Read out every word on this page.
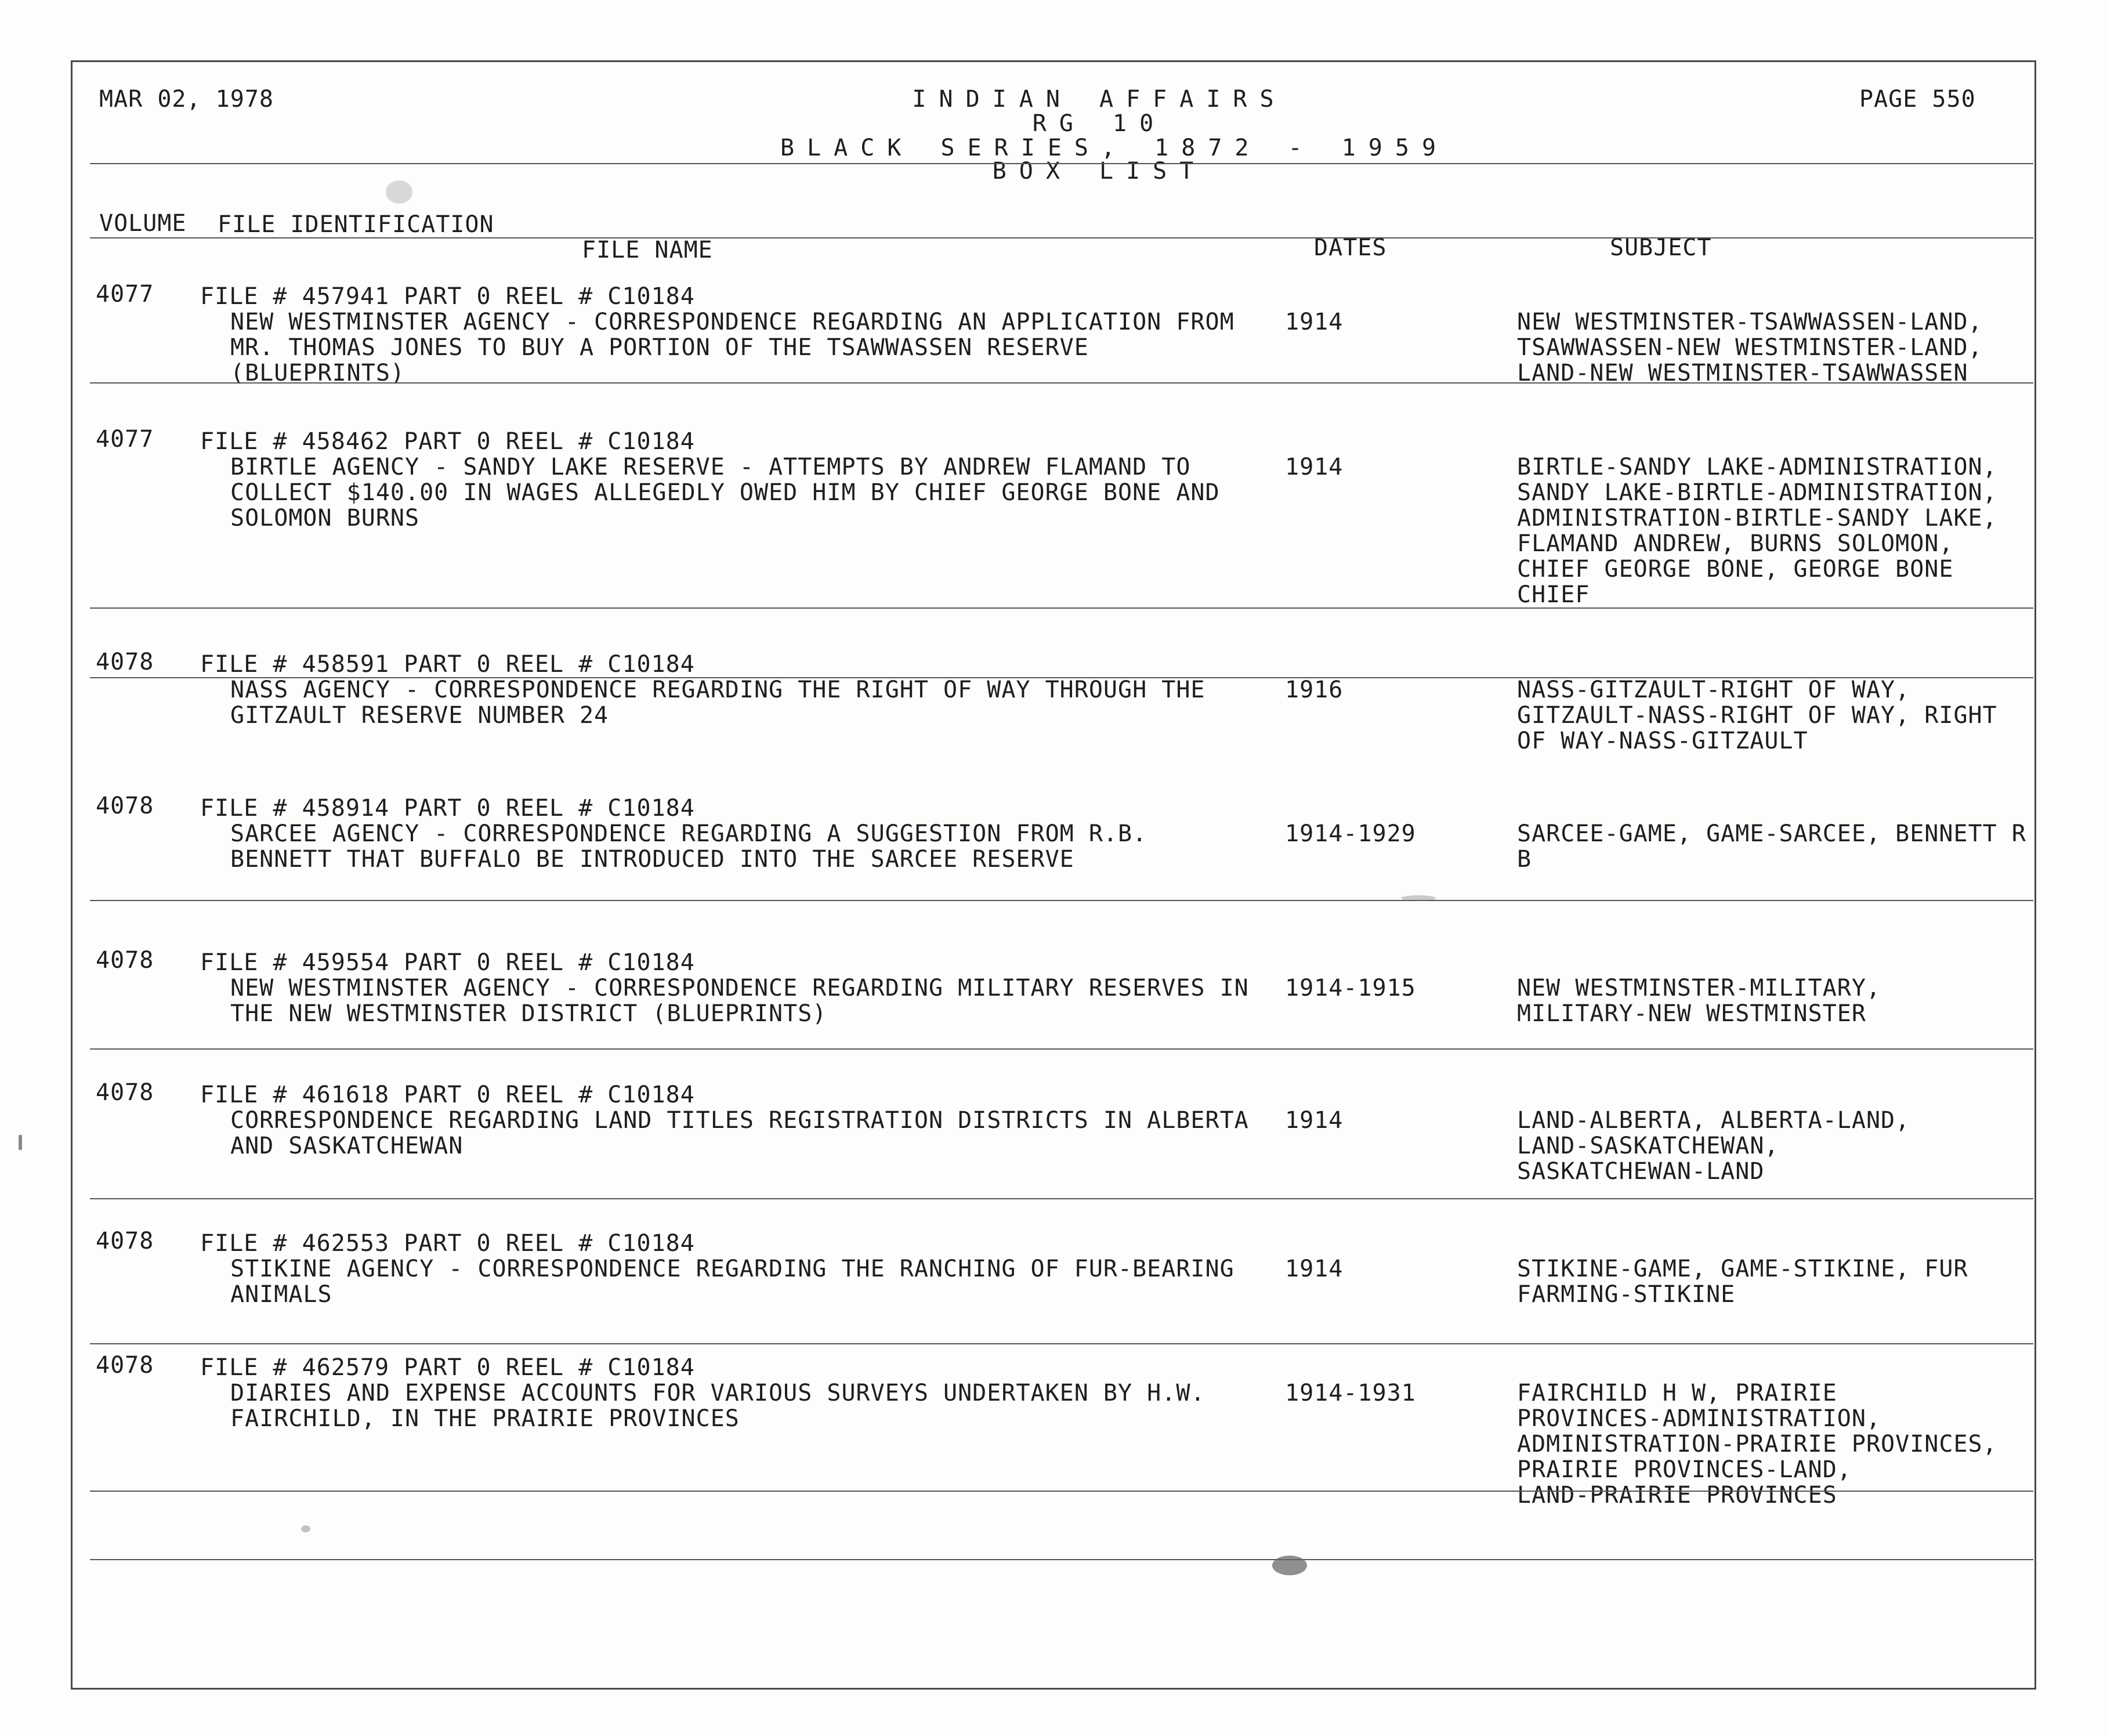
MAR 02, 1978	INDIAN AFFAIRS
RG 10
BLACK SERIES, 1872 - 1959
BOX LIST
PAGE 550
VOLUME FILE IDENTIFICATION
FILE NAME	DATES	SUBJECT
4077 FILE # 457941 PART 0 REEL # C10184
NEW WESTMINSTER AGENCY - CORRESPONDENCE REGARDING AN APPLICATION FROM
MR. THOMAS JONES TO BUY A PORTION OF THE TSAWWASSEN RESERVE
(BLUEPRINTS)
1914	NEW WESTMINSTER-TSAWWASSEN-LAND,
TSAWWASSEN-NEW WESTMINSTER-LAND,
LAND-NEW WESTMINSTER-TSAWWASSEN
4077 FILE # 458462 PART 0 REEL # C10184
BIRTLE AGENCY - SANDY LAKE RESERVE - ATTEMPTS BY ANDREW FLAMAND TO
COLLECT $140.00 IN WAGES ALLEGEDLY OWED HIM BY CHIEF GEORGE BONE AND
SOLOMON BURNS
1914	BIRTLE-SANDY LAKE-ADMINISTRATION,
SANDY LAKE-BIRTLE-ADMINISTRATION,
ADMINISTRATION-BIRTLE-SANDY LAKE,
FLAMAND ANDREW, BURNS SOLOMON,
CHIEF GEORGE BONE, GEORGE BONE
CHIEF
4078 FILE # 458591 PART 0 REEL # C10184
NASS AGENCY - CORRESPONDENCE REGARDING THE RIGHT OF WAY THROUGH THE
GITZAULT RESERVE NUMBER 24
1916	NASS-GITZAULT-RIGHT OF WAY,
GITZAULT-NASS-RIGHT OF WAY, RIGHT
OF WAY-NASS-GITZAULT
4078 FILE # 458914 PART 0 REEL # C10184
SARCEE AGENCY - CORRESPONDENCE REGARDING A SUGGESTION FROM R.B.
BENNETT THAT BUFFALO BE INTRODUCED INTO THE SARCEE RESERVE
1914-1929	SARCEE-GAME, GAME-SARCEE, BENNETT R
B
4078 FILE # 459554 PART 0 REEL # C10184
NEW WESTMINSTER AGENCY - CORRESPONDENCE REGARDING MILITARY RESERVES IN
THE NEW WESTMINSTER DISTRICT (BLUEPRINTS)
1914-1915	NEW WESTMINSTER-MILITARY,
MILITARY-NEW WESTMINSTER
4078 FILE # 461618 PART 0 REEL # C10184
CORRESPONDENCE REGARDING LAND TITLES REGISTRATION DISTRICTS IN ALBERTA
AND SASKATCHEWAN
1914	LAND-ALBERTA, ALBERTA-LAND,
LAND-SASKATCHEWAN,
SASKATCHEWAN-LAND
4078 FILE # 462553 PART 0 REEL # C10184
STIKINE AGENCY - CORRESPONDENCE REGARDING THE RANCHING OF FUR-BEARING
ANIMALS
1914	STIKINE-GAME, GAME-STIKINE, FUR
FARMING-STIKINE
4078 FILE # 462579 PART 0 REEL # C10184
DIARIES AND EXPENSE ACCOUNTS FOR VARIOUS SURVEYS UNDERTAKEN BY H.W.
FAIRCHILD, IN THE PRAIRIE PROVINCES
1914-1931	FAIRCHILD H W, PRAIRIE
PROVINCES-ADMINISTRATION,
ADMINISTRATION-PRAIRIE PROVINCES,
PRAIRIE PROVINCES-LAND,
LAND-PRAIRIE PROVINCES
